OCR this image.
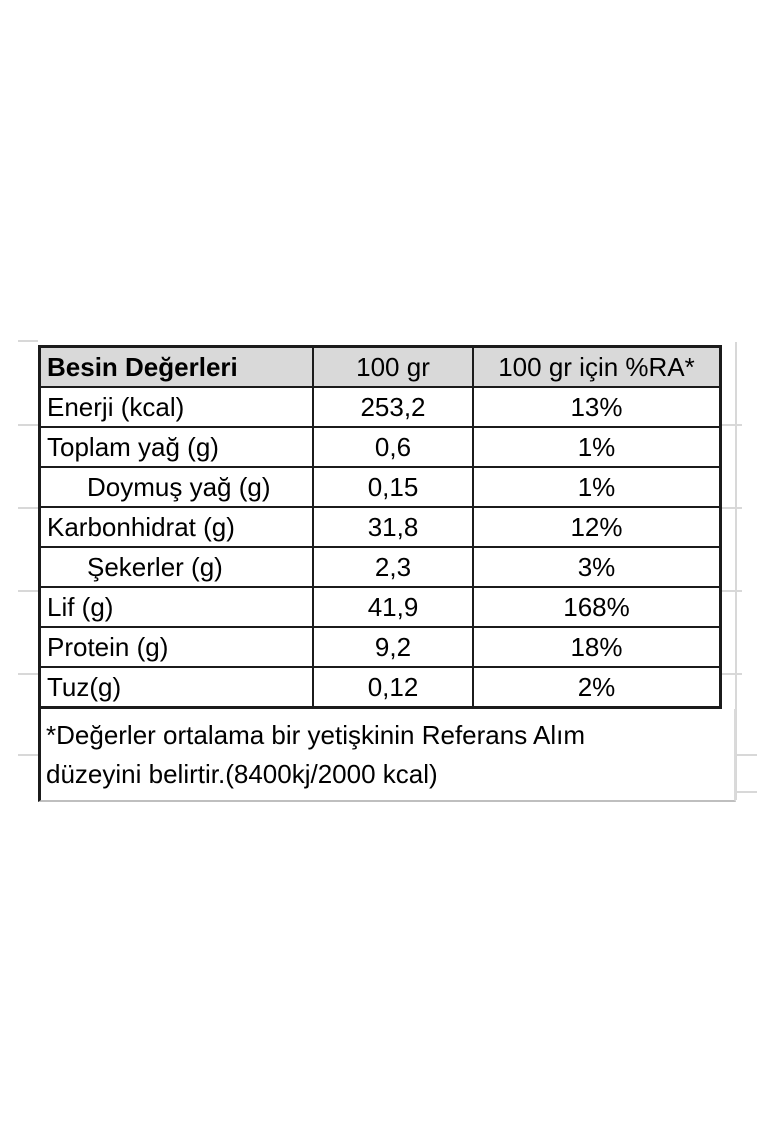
Besin Değerleri	100 gr	100 gr için %RA*
Enerji (kcal)	253,2	13%
Toplam yağ (g)	0,6	1%
Doymuş yağ (g)	0,15	1%
Karbonhidrat (g)	31,8	12%
Şekerler (g)	2,3	3%
Lif (g)	41,9	168%
Protein (g)	9,2	18%
Tuz(g)	0,12	2%
*Değerler ortalama bir yetişkinin Referans Alım
düzeyini belirtir.(8400kj/2000 kcal)
